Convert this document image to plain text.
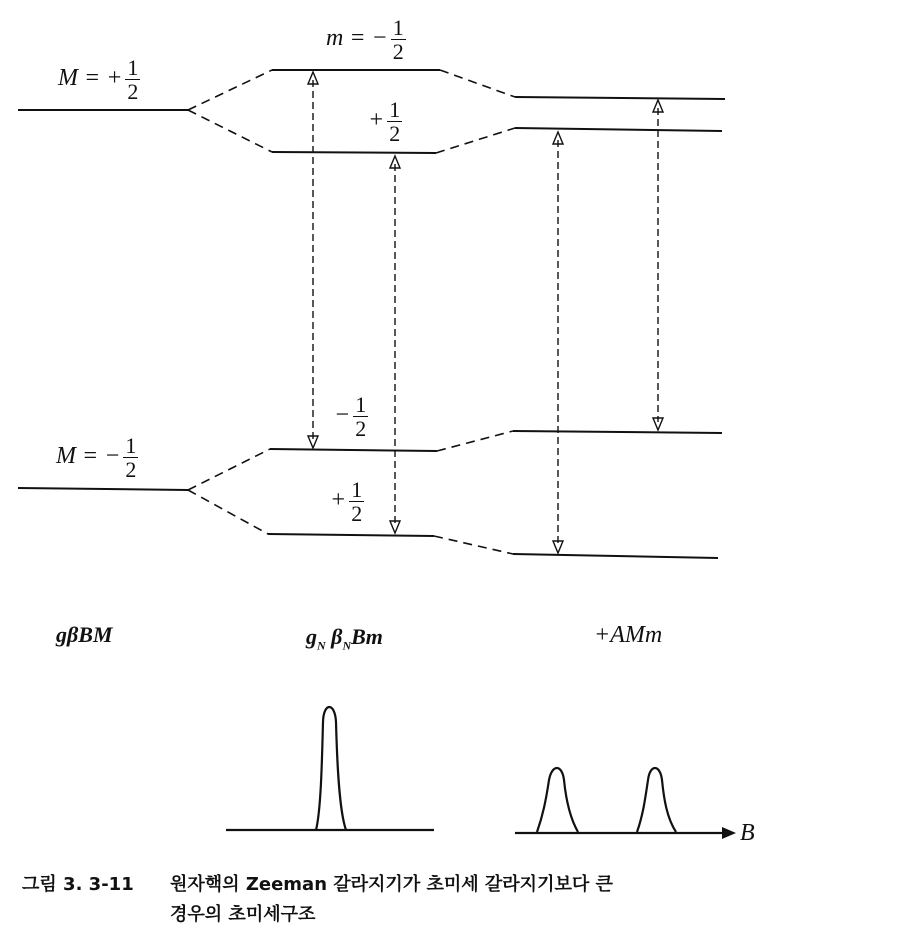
M = + $\frac{1}{2}$
M = − $\frac{1}{2}$
m = − $\frac{1}{2}$
+ $\frac{1}{2}$
− $\frac{1}{2}$
+ $\frac{1}{2}$
gβBM	$g_N$ $\beta_NBm$	+AMm
B
그림 3. 3-11 원자핵의 Zeeman 갈라지기가 초미세 갈라지기보다 큰
경우의 초미세구조
